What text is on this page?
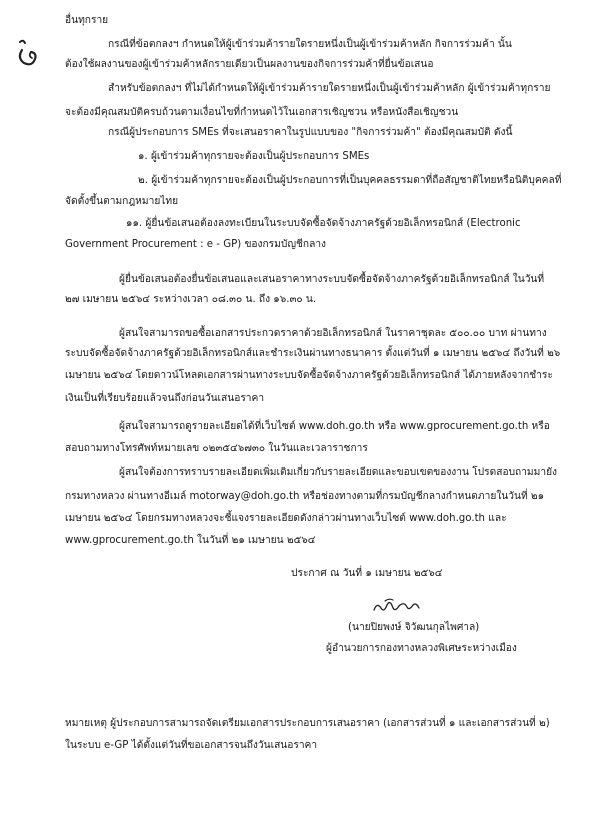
อื่นทุกราย
กรณีที่ข้อตกลงฯ กำหนดให้ผู้เข้าร่วมค้ารายใดรายหนึ่งเป็นผู้เข้าร่วมค้าหลัก กิจการร่วมค้า นั้น
ต้องใช้ผลงานของผู้เข้าร่วมค้าหลักรายเดียวเป็นผลงานของกิจการร่วมค้าที่ยื่นข้อเสนอ
สำหรับข้อตกลงฯ ที่ไม่ได้กำหนดให้ผู้เข้าร่วมค้ารายใดรายหนึ่งเป็นผู้เข้าร่วมค้าหลัก ผู้เข้าร่วมค้าทุกราย
จะต้องมีคุณสมบัติครบถ้วนตามเงื่อนไขที่กำหนดไว้ในเอกสารเชิญชวน หรือหนังสือเชิญชวน
กรณีผู้ประกอบการ SMEs ที่จะเสนอราคาในรูปแบบของ "กิจการร่วมค้า" ต้องมีคุณสมบัติ ดังนี้
๑. ผู้เข้าร่วมค้าทุกรายจะต้องเป็นผู้ประกอบการ SMEs
๒. ผู้เข้าร่วมค้าทุกรายจะต้องเป็นผู้ประกอบการที่เป็นบุคคลธรรมดาที่ถือสัญชาติไทยหรือนิติบุคคลที่
จัดตั้งขึ้นตามกฎหมายไทย
๑๑. ผู้ยื่นข้อเสนอต้องลงทะเบียนในระบบจัดซื้อจัดจ้างภาครัฐด้วยอิเล็กทรอนิกส์ (Electronic
Government Procurement : e - GP) ของกรมบัญชีกลาง
ผู้ยื่นข้อเสนอต้องยื่นข้อเสนอและเสนอราคาทางระบบจัดซื้อจัดจ้างภาครัฐด้วยอิเล็กทรอนิกส์ ในวันที่
๒๗ เมษายน ๒๕๖๔ ระหว่างเวลา ๐๘.๓๐ น. ถึง ๑๖.๓๐ น.
ผู้สนใจสามารถขอซื้อเอกสารประกวดราคาด้วยอิเล็กทรอนิกส์ ในราคาชุดละ ๕๐๐.๐๐ บาท ผ่านทาง
ระบบจัดซื้อจัดจ้างภาครัฐด้วยอิเล็กทรอนิกส์และชำระเงินผ่านทางธนาคาร ตั้งแต่วันที่ ๑ เมษายน ๒๕๖๔ ถึงวันที่ ๒๖
เมษายน ๒๕๖๔ โดยดาวน์โหลดเอกสารผ่านทางระบบจัดซื้อจัดจ้างภาครัฐด้วยอิเล็กทรอนิกส์ ได้ภายหลังจากชำระ
เงินเป็นที่เรียบร้อยแล้วจนถึงก่อนวันเสนอราคา
ผู้สนใจสามารถดูรายละเอียดได้ที่เว็บไซต์ www.doh.go.th หรือ www.gprocurement.go.th หรือ
สอบถามทางโทรศัพท์หมายเลข ๐๒๓๕๔๖๗๓๐ ในวันและเวลาราชการ
ผู้สนใจต้องการทราบรายละเอียดเพิ่มเติมเกี่ยวกับรายละเอียดและขอบเขตของงาน โปรดสอบถามมายัง
กรมทางหลวง ผ่านทางอีเมล์ motorway@doh.go.th หรือช่องทางตามที่กรมบัญชีกลางกำหนดภายในวันที่ ๒๑
เมษายน ๒๕๖๔ โดยกรมทางหลวงจะชี้แจงรายละเอียดดังกล่าวผ่านทางเว็บไซต์ www.doh.go.th และ
www.gprocurement.go.th ในวันที่ ๒๑ เมษายน ๒๕๖๔
ประกาศ ณ วันที่ ๑ เมษายน ๒๕๖๔
(นายปิยพงษ์ จิวัฒนกุลไพศาล)
ผู้อำนวยการกองทางหลวงพิเศษระหว่างเมือง
หมายเหตุ ผู้ประกอบการสามารถจัดเตรียมเอกสารประกอบการเสนอราคา (เอกสารส่วนที่ ๑ และเอกสารส่วนที่ ๒)
ในระบบ e-GP ได้ตั้งแต่วันที่ขอเอกสารจนถึงวันเสนอราคา
